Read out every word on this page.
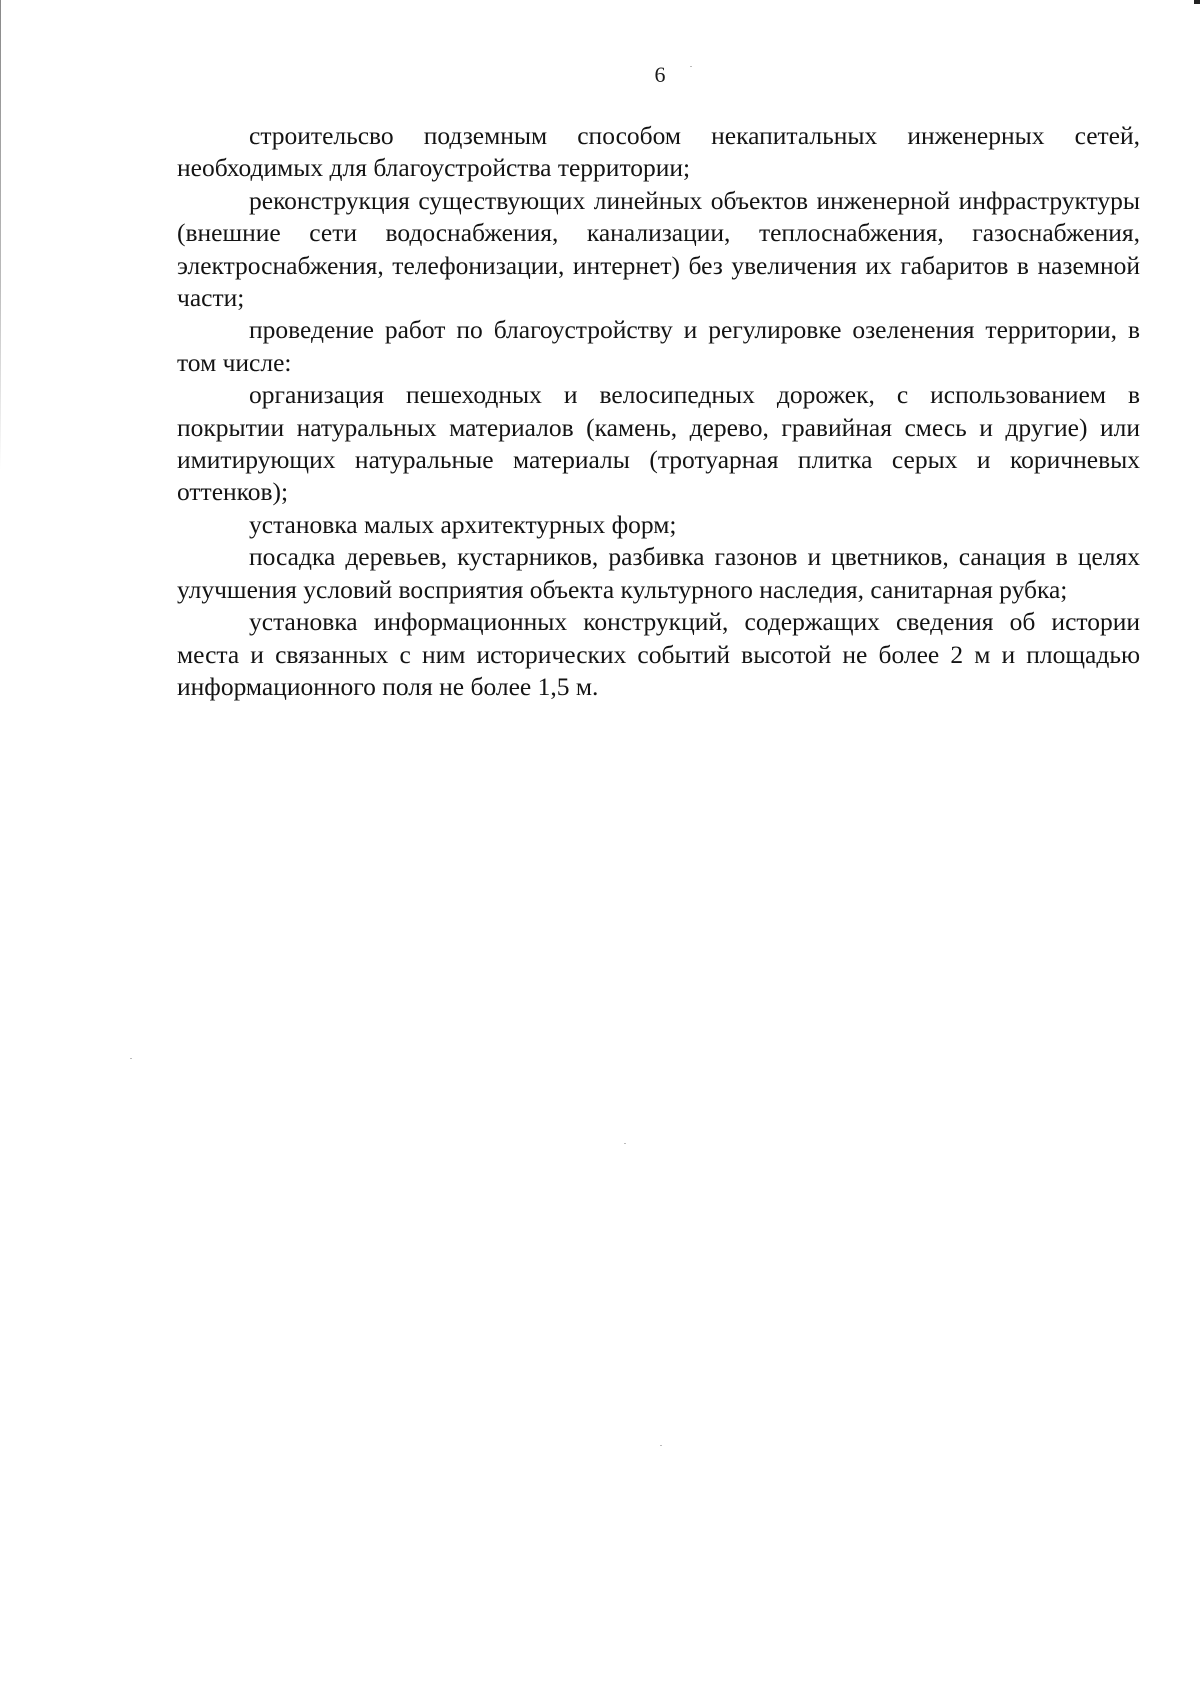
6

строительсво подземным способом некапитальных инженерных сетей, необходимых для благоустройства территории;

реконструкция существующих линейных объектов инженерной инфраструктуры (внешние сети водоснабжения, канализации, теплоснабжения, газоснабжения, электроснабжения, телефонизации, интернет) без увеличения их габаритов в наземной части;

проведение работ по благоустройству и регулировке озеленения территории, в том числе:

организация пешеходных и велосипедных дорожек, с использованием в покрытии натуральных материалов (камень, дерево, гравийная смесь и другие) или имитирующих натуральные материалы (тротуарная плитка серых и коричневых оттенков);

установка малых архитектурных форм;

посадка деревьев, кустарников, разбивка газонов и цветников, санация в целях улучшения условий восприятия объекта культурного наследия, санитарная рубка;

установка информационных конструкций, содержащих сведения об истории места и связанных с ним исторических событий высотой не более 2 м и площадью информационного поля не более 1,5 м.
